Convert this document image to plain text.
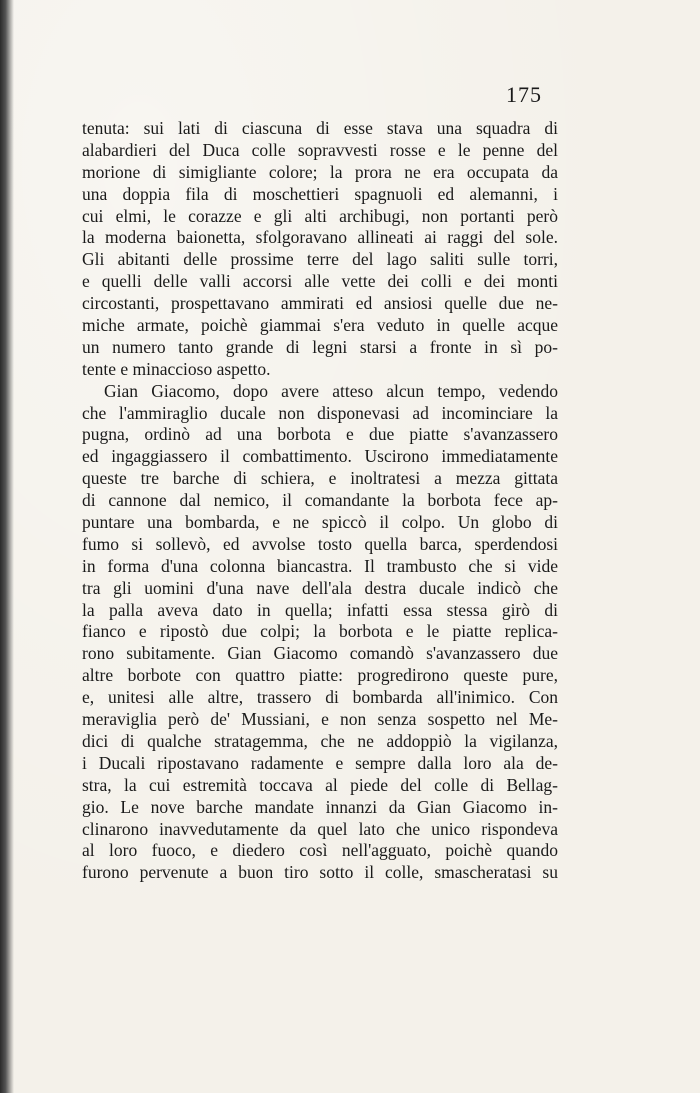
175
tenuta: sui lati di ciascuna di esse stava una squadra di
alabardieri del Duca colle sopravvesti rosse e le penne del
morione di simigliante colore; la prora ne era occupata da
una doppia fila di moschettieri spagnuoli ed alemanni, i
cui elmi, le corazze e gli alti archibugi, non portanti però
la moderna baionetta, sfolgoravano allineati ai raggi del sole.
Gli abitanti delle prossime terre del lago saliti sulle torri,
e quelli delle valli accorsi alle vette dei colli e dei monti
circostanti, prospettavano ammirati ed ansiosi quelle due ne-
miche armate, poichè giammai s'era veduto in quelle acque
un numero tanto grande di legni starsi a fronte in sì po-
tente e minaccioso aspetto.
Gian Giacomo, dopo avere atteso alcun tempo, vedendo
che l'ammiraglio ducale non disponevasi ad incominciare la
pugna, ordinò ad una borbota e due piatte s'avanzassero
ed ingaggiassero il combattimento. Uscirono immediatamente
queste tre barche di schiera, e inoltratesi a mezza gittata
di cannone dal nemico, il comandante la borbota fece ap-
puntare una bombarda, e ne spiccò il colpo. Un globo di
fumo si sollevò, ed avvolse tosto quella barca, sperdendosi
in forma d'una colonna biancastra. Il trambusto che si vide
tra gli uomini d'una nave dell'ala destra ducale indicò che
la palla aveva dato in quella; infatti essa stessa girò di
fianco e ripostò due colpi; la borbota e le piatte replica-
rono subitamente. Gian Giacomo comandò s'avanzassero due
altre borbote con quattro piatte: progredirono queste pure,
e, unitesi alle altre, trassero di bombarda all'inimico. Con
meraviglia però de' Mussiani, e non senza sospetto nel Me-
dici di qualche stratagemma, che ne addoppiò la vigilanza,
i Ducali ripostavano radamente e sempre dalla loro ala de-
stra, la cui estremità toccava al piede del colle di Bellag-
gio. Le nove barche mandate innanzi da Gian Giacomo in-
clinarono inavvedutamente da quel lato che unico rispondeva
al loro fuoco, e diedero così nell'agguato, poichè quando
furono pervenute a buon tiro sotto il colle, smascheratasi su
